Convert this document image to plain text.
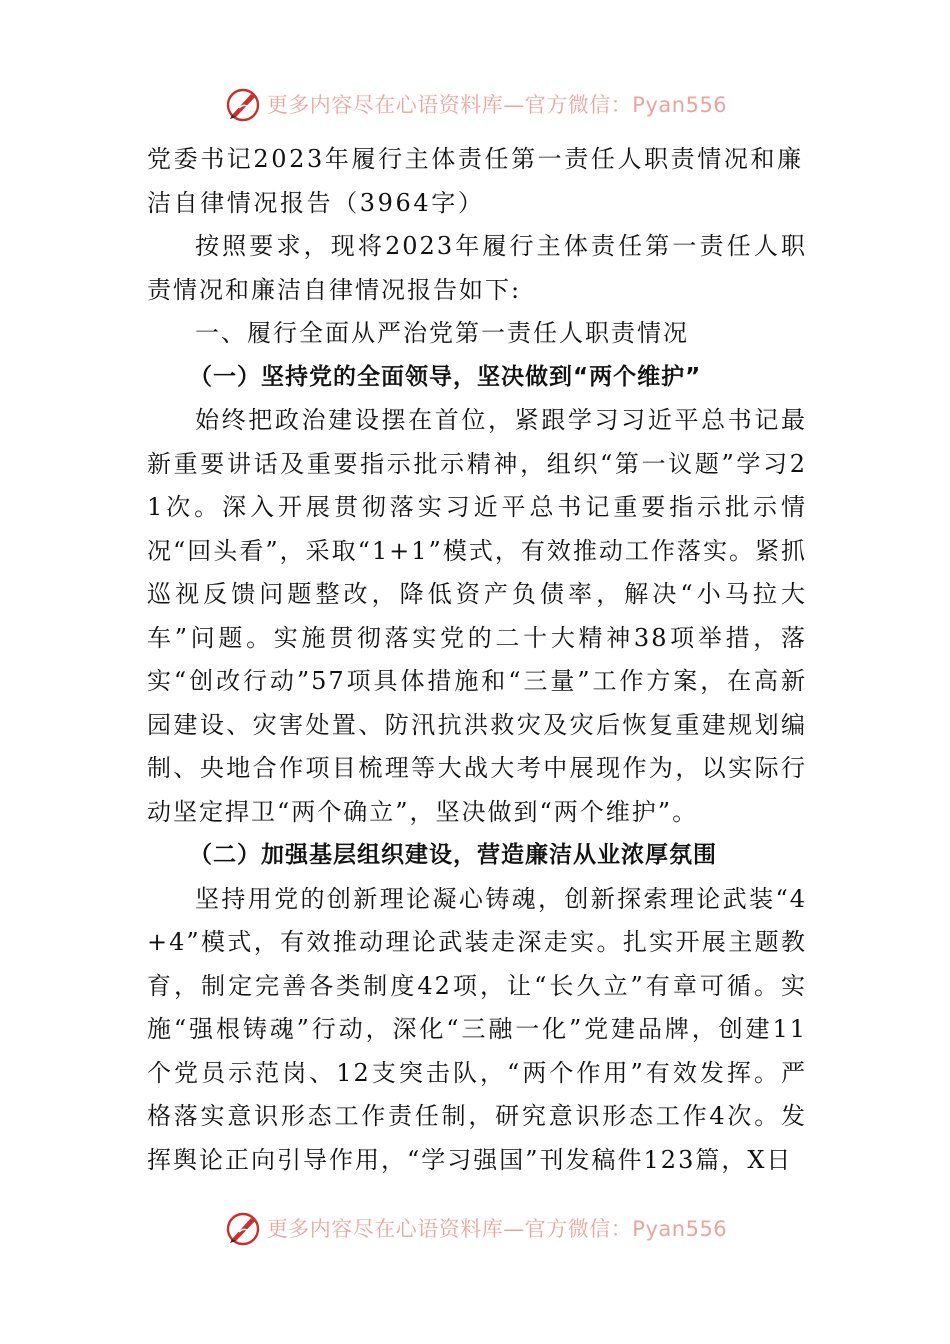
更多内容尽在心语资料库—官方微信：Pyan556

党委书记2023年履行主体责任第一责任人职责情况和廉洁自律情况报告（3964字）

按照要求，现将2023年履行主体责任第一责任人职责情况和廉洁自律情况报告如下:

一、履行全面从严治党第一责任人职责情况

（一）坚持党的全面领导，坚决做到“两个维护”

始终把政治建设摆在首位，紧跟学习习近平总书记最新重要讲话及重要指示批示精神，组织“第一议题”学习21次。深入开展贯彻落实习近平总书记重要指示批示情况“回头看”，采取“1+1”模式，有效推动工作落实。紧抓巡视反馈问题整改，降低资产负债率，解决“小马拉大车”问题。实施贯彻落实党的二十大精神38项举措，落实“创改行动”57项具体措施和“三量”工作方案，在高新园建设、灾害处置、防汛抗洪救灾及灾后恢复重建规划编制、央地合作项目梳理等大战大考中展现作为，以实际行动坚定捍卫“两个确立”，坚决做到“两个维护”。

（二）加强基层组织建设，营造廉洁从业浓厚氛围

坚持用党的创新理论凝心铸魂，创新探索理论武装“4+4”模式，有效推动理论武装走深走实。扎实开展主题教育，制定完善各类制度42项，让“长久立”有章可循。实施“强根铸魂”行动，深化“三融一化”党建品牌，创建11个党员示范岗、12支突击队，“两个作用”有效发挥。严格落实意识形态工作责任制，研究意识形态工作4次。发挥舆论正向引导作用，“学习强国”刊发稿件123篇，X日

更多内容尽在心语资料库—官方微信：Pyan556
